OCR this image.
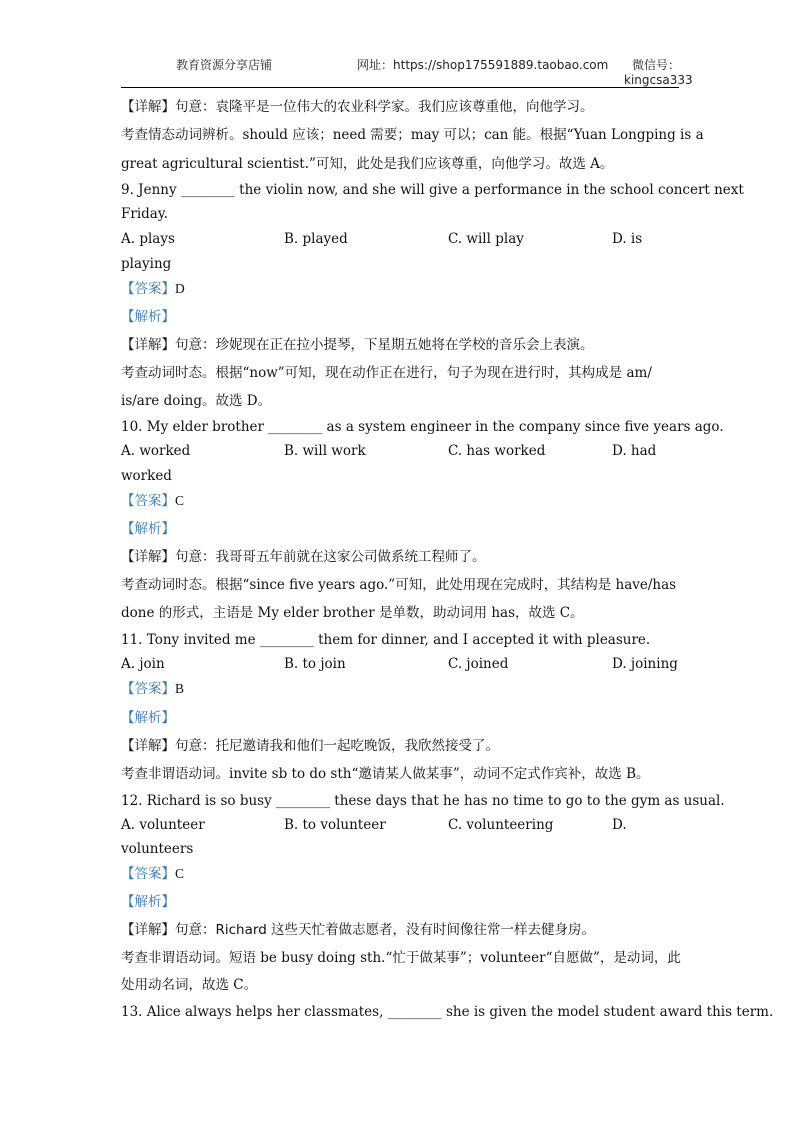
教育资源分享店铺	网址：https://shop175591889.taobao.com 微信号：
kingcsa333
【详解】句意：袁隆平是一位伟大的农业科学家。我们应该尊重他，向他学习。
考查情态动词辨析。should 应该；need 需要；may 可以；can 能。根据“Yuan Longping is a
great agricultural scientist.”可知，此处是我们应该尊重，向他学习。故选 A。
9. Jenny ________ the violin now, and she will give a performance in the school concert next
Friday.
A. plays	B. played	C. will play	D. is
playing
【答案】D
【解析】
【详解】句意：珍妮现在正在拉小提琴，下星期五她将在学校的音乐会上表演。
考查动词时态。根据“now”可知，现在动作正在进行，句子为现在进行时，其构成是 am/
is/are doing。故选 D。
10. My elder brother ________ as a system engineer in the company since five years ago.
A. worked	B. will work	C. has worked	D. had
worked
【答案】C
【解析】
【详解】句意：我哥哥五年前就在这家公司做系统工程师了。
考查动词时态。根据“since five years ago.”可知，此处用现在完成时，其结构是 have/has
done 的形式，主语是 My elder brother 是单数，助动词用 has，故选 C。
11. Tony invited me ________ them for dinner, and I accepted it with pleasure.
A. join	B. to join	C. joined	D. joining
【答案】B
【解析】
【详解】句意：托尼邀请我和他们一起吃晚饭，我欣然接受了。
考查非谓语动词。invite sb to do sth“邀请某人做某事”，动词不定式作宾补，故选 B。
12. Richard is so busy ________ these days that he has no time to go to the gym as usual.
A. volunteer	B. to volunteer	C. volunteering	D.
volunteers
【答案】C
【解析】
【详解】句意：Richard 这些天忙着做志愿者，没有时间像往常一样去健身房。
考查非谓语动词。短语 be busy doing sth.“忙于做某事”；volunteer“自愿做”，是动词，此
处用动名词，故选 C。
13. Alice always helps her classmates, ________ she is given the model student award this term.
